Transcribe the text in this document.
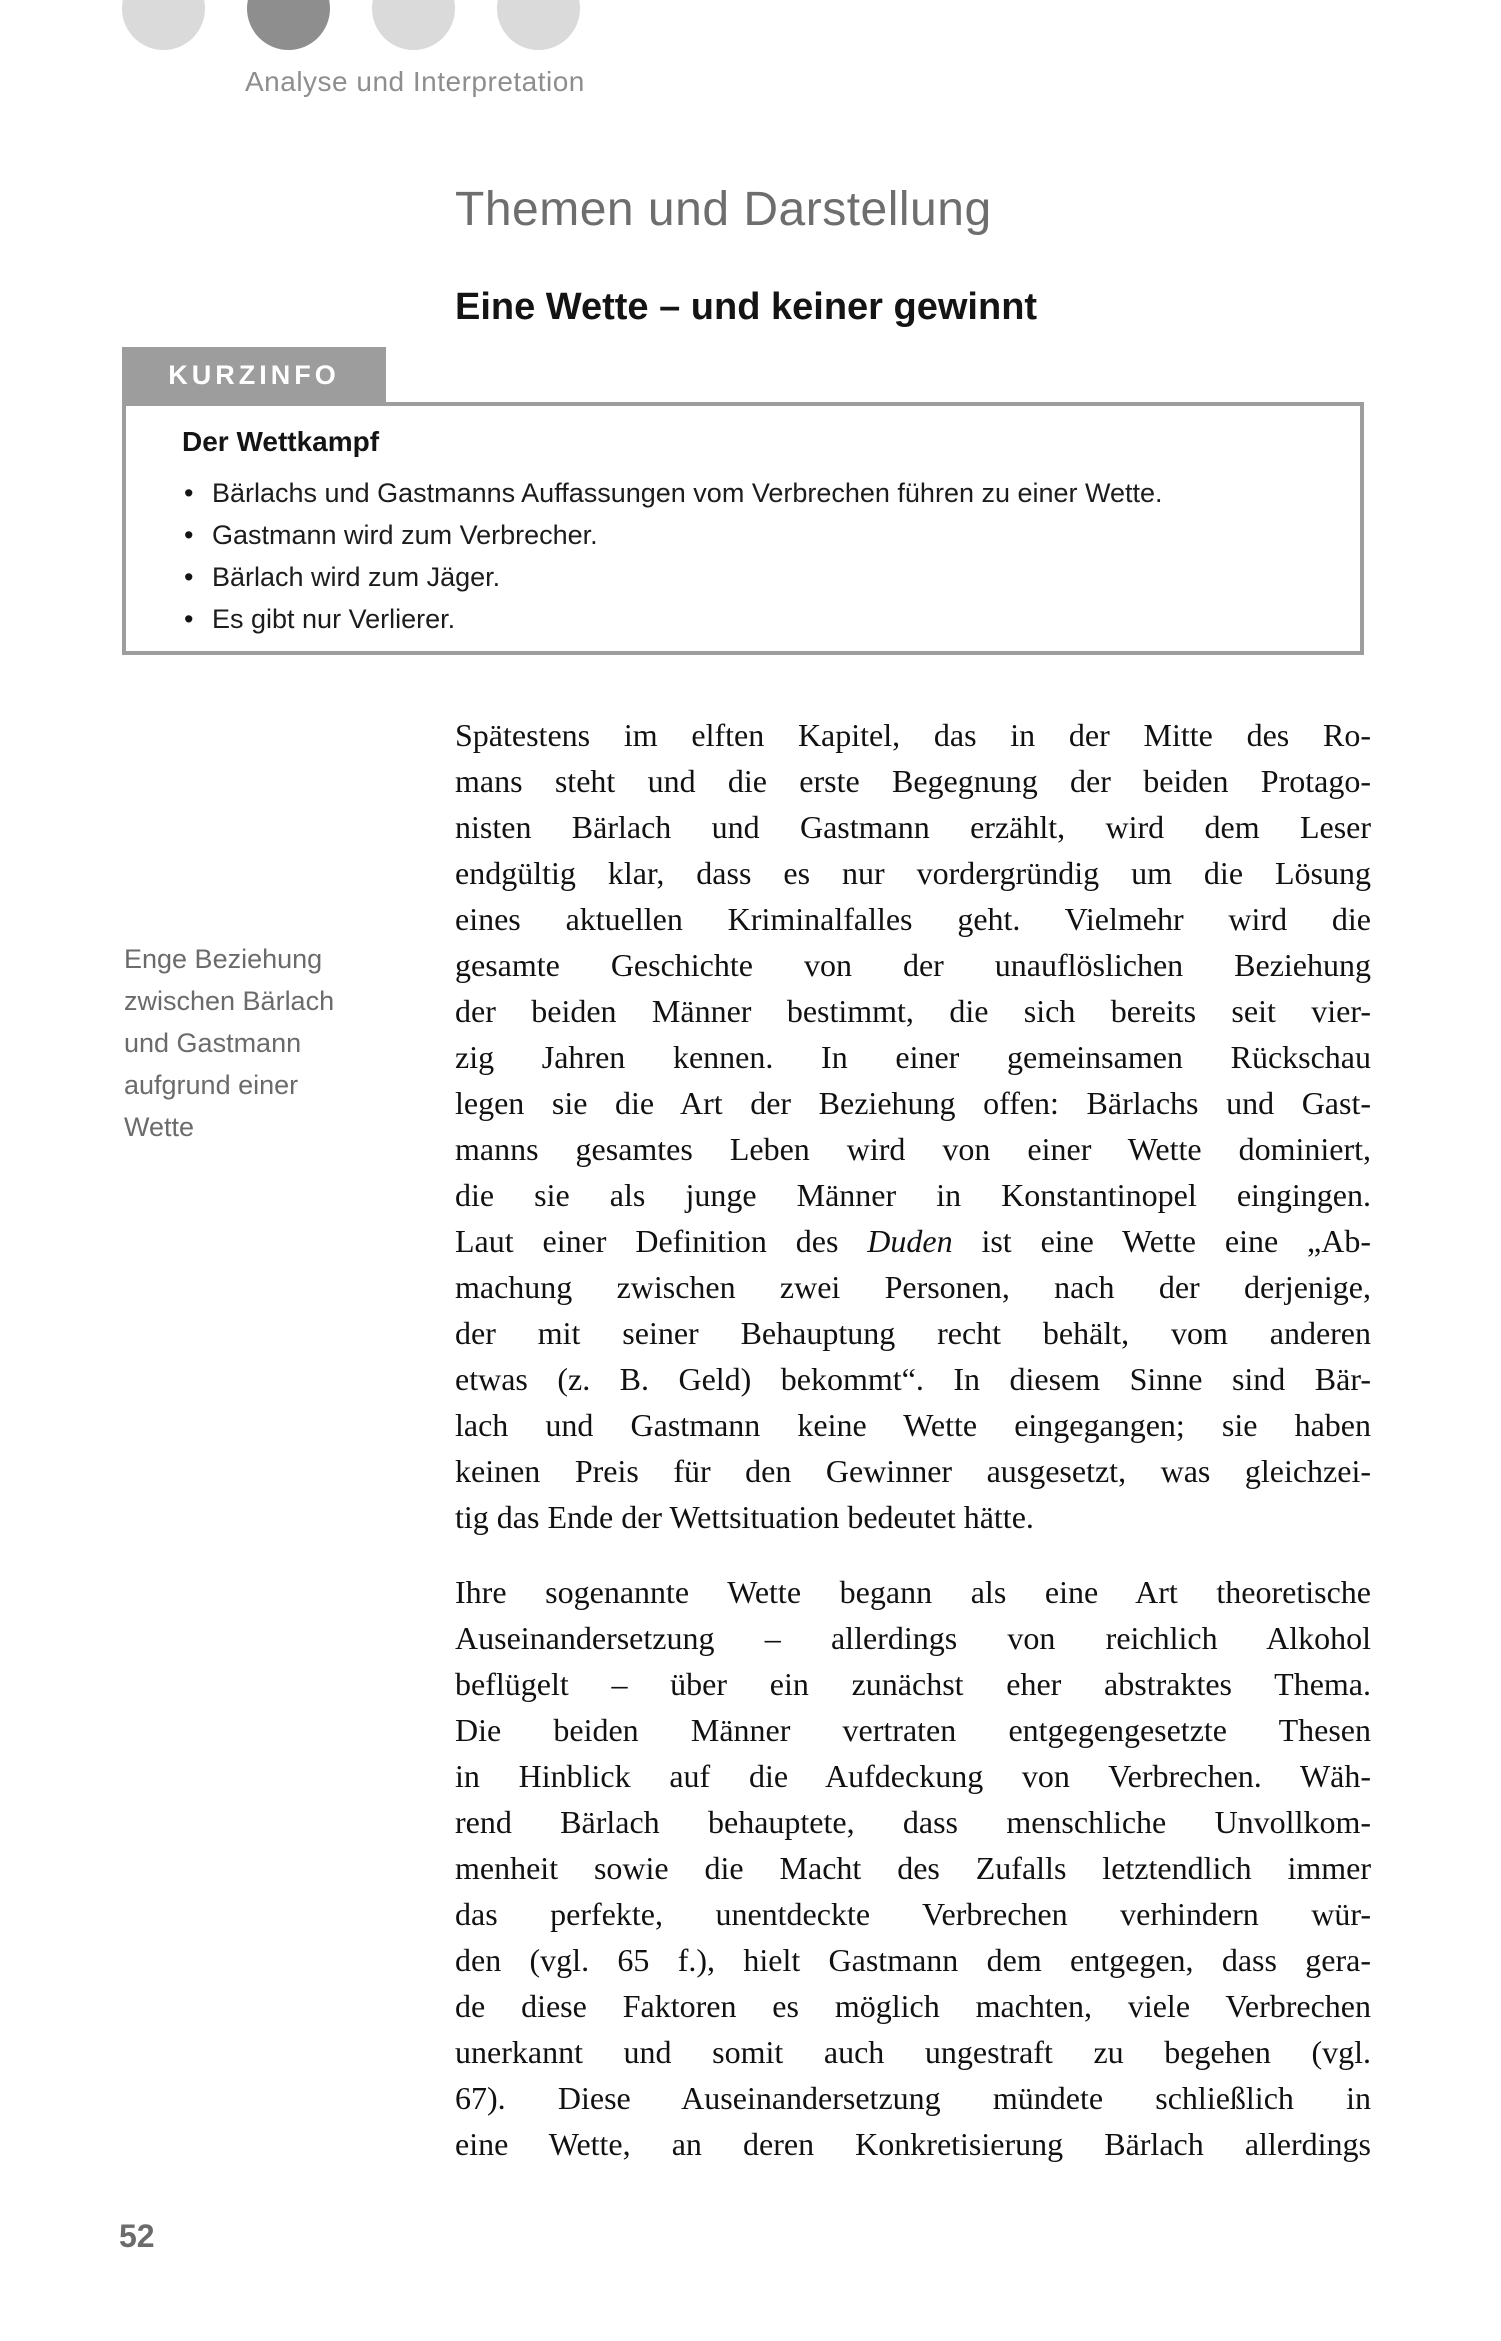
Analyse und Interpretation
Themen und Darstellung
Eine Wette – und keiner gewinnt
KURZINFO
Der Wettkampf
• Bärlachs und Gastmanns Auffassungen vom Verbrechen führen zu einer Wette.
• Gastmann wird zum Verbrecher.
• Bärlach wird zum Jäger.
• Es gibt nur Verlierer.
Enge Beziehung
zwischen Bärlach
und Gastmann
aufgrund einer
Wette
Spätestens im elften Kapitel, das in der Mitte des Ro-
mans steht und die erste Begegnung der beiden Protago-
nisten Bärlach und Gastmann erzählt, wird dem Leser
endgültig klar, dass es nur vordergründig um die Lösung
eines aktuellen Kriminalfalles geht. Vielmehr wird die
gesamte Geschichte von der unauflöslichen Beziehung
der beiden Männer bestimmt, die sich bereits seit vier-
zig Jahren kennen. In einer gemeinsamen Rückschau
legen sie die Art der Beziehung offen: Bärlachs und Gast-
manns gesamtes Leben wird von einer Wette dominiert,
die sie als junge Männer in Konstantinopel eingingen.
Laut einer Definition des Duden ist eine Wette eine „Ab-
machung zwischen zwei Personen, nach der derjenige,
der mit seiner Behauptung recht behält, vom anderen
etwas (z. B. Geld) bekommt“. In diesem Sinne sind Bär-
lach und Gastmann keine Wette eingegangen; sie haben
keinen Preis für den Gewinner ausgesetzt, was gleichzei-
tig das Ende der Wettsituation bedeutet hätte.
Ihre sogenannte Wette begann als eine Art theoretische
Auseinandersetzung – allerdings von reichlich Alkohol
beflügelt – über ein zunächst eher abstraktes Thema.
Die beiden Männer vertraten entgegengesetzte Thesen
in Hinblick auf die Aufdeckung von Verbrechen. Wäh-
rend Bärlach behauptete, dass menschliche Unvollkom-
menheit sowie die Macht des Zufalls letztendlich immer
das perfekte, unentdeckte Verbrechen verhindern wür-
den (vgl. 65 f.), hielt Gastmann dem entgegen, dass gera-
de diese Faktoren es möglich machten, viele Verbrechen
unerkannt und somit auch ungestraft zu begehen (vgl.
67). Diese Auseinandersetzung mündete schließlich in
eine Wette, an deren Konkretisierung Bärlach allerdings
52
